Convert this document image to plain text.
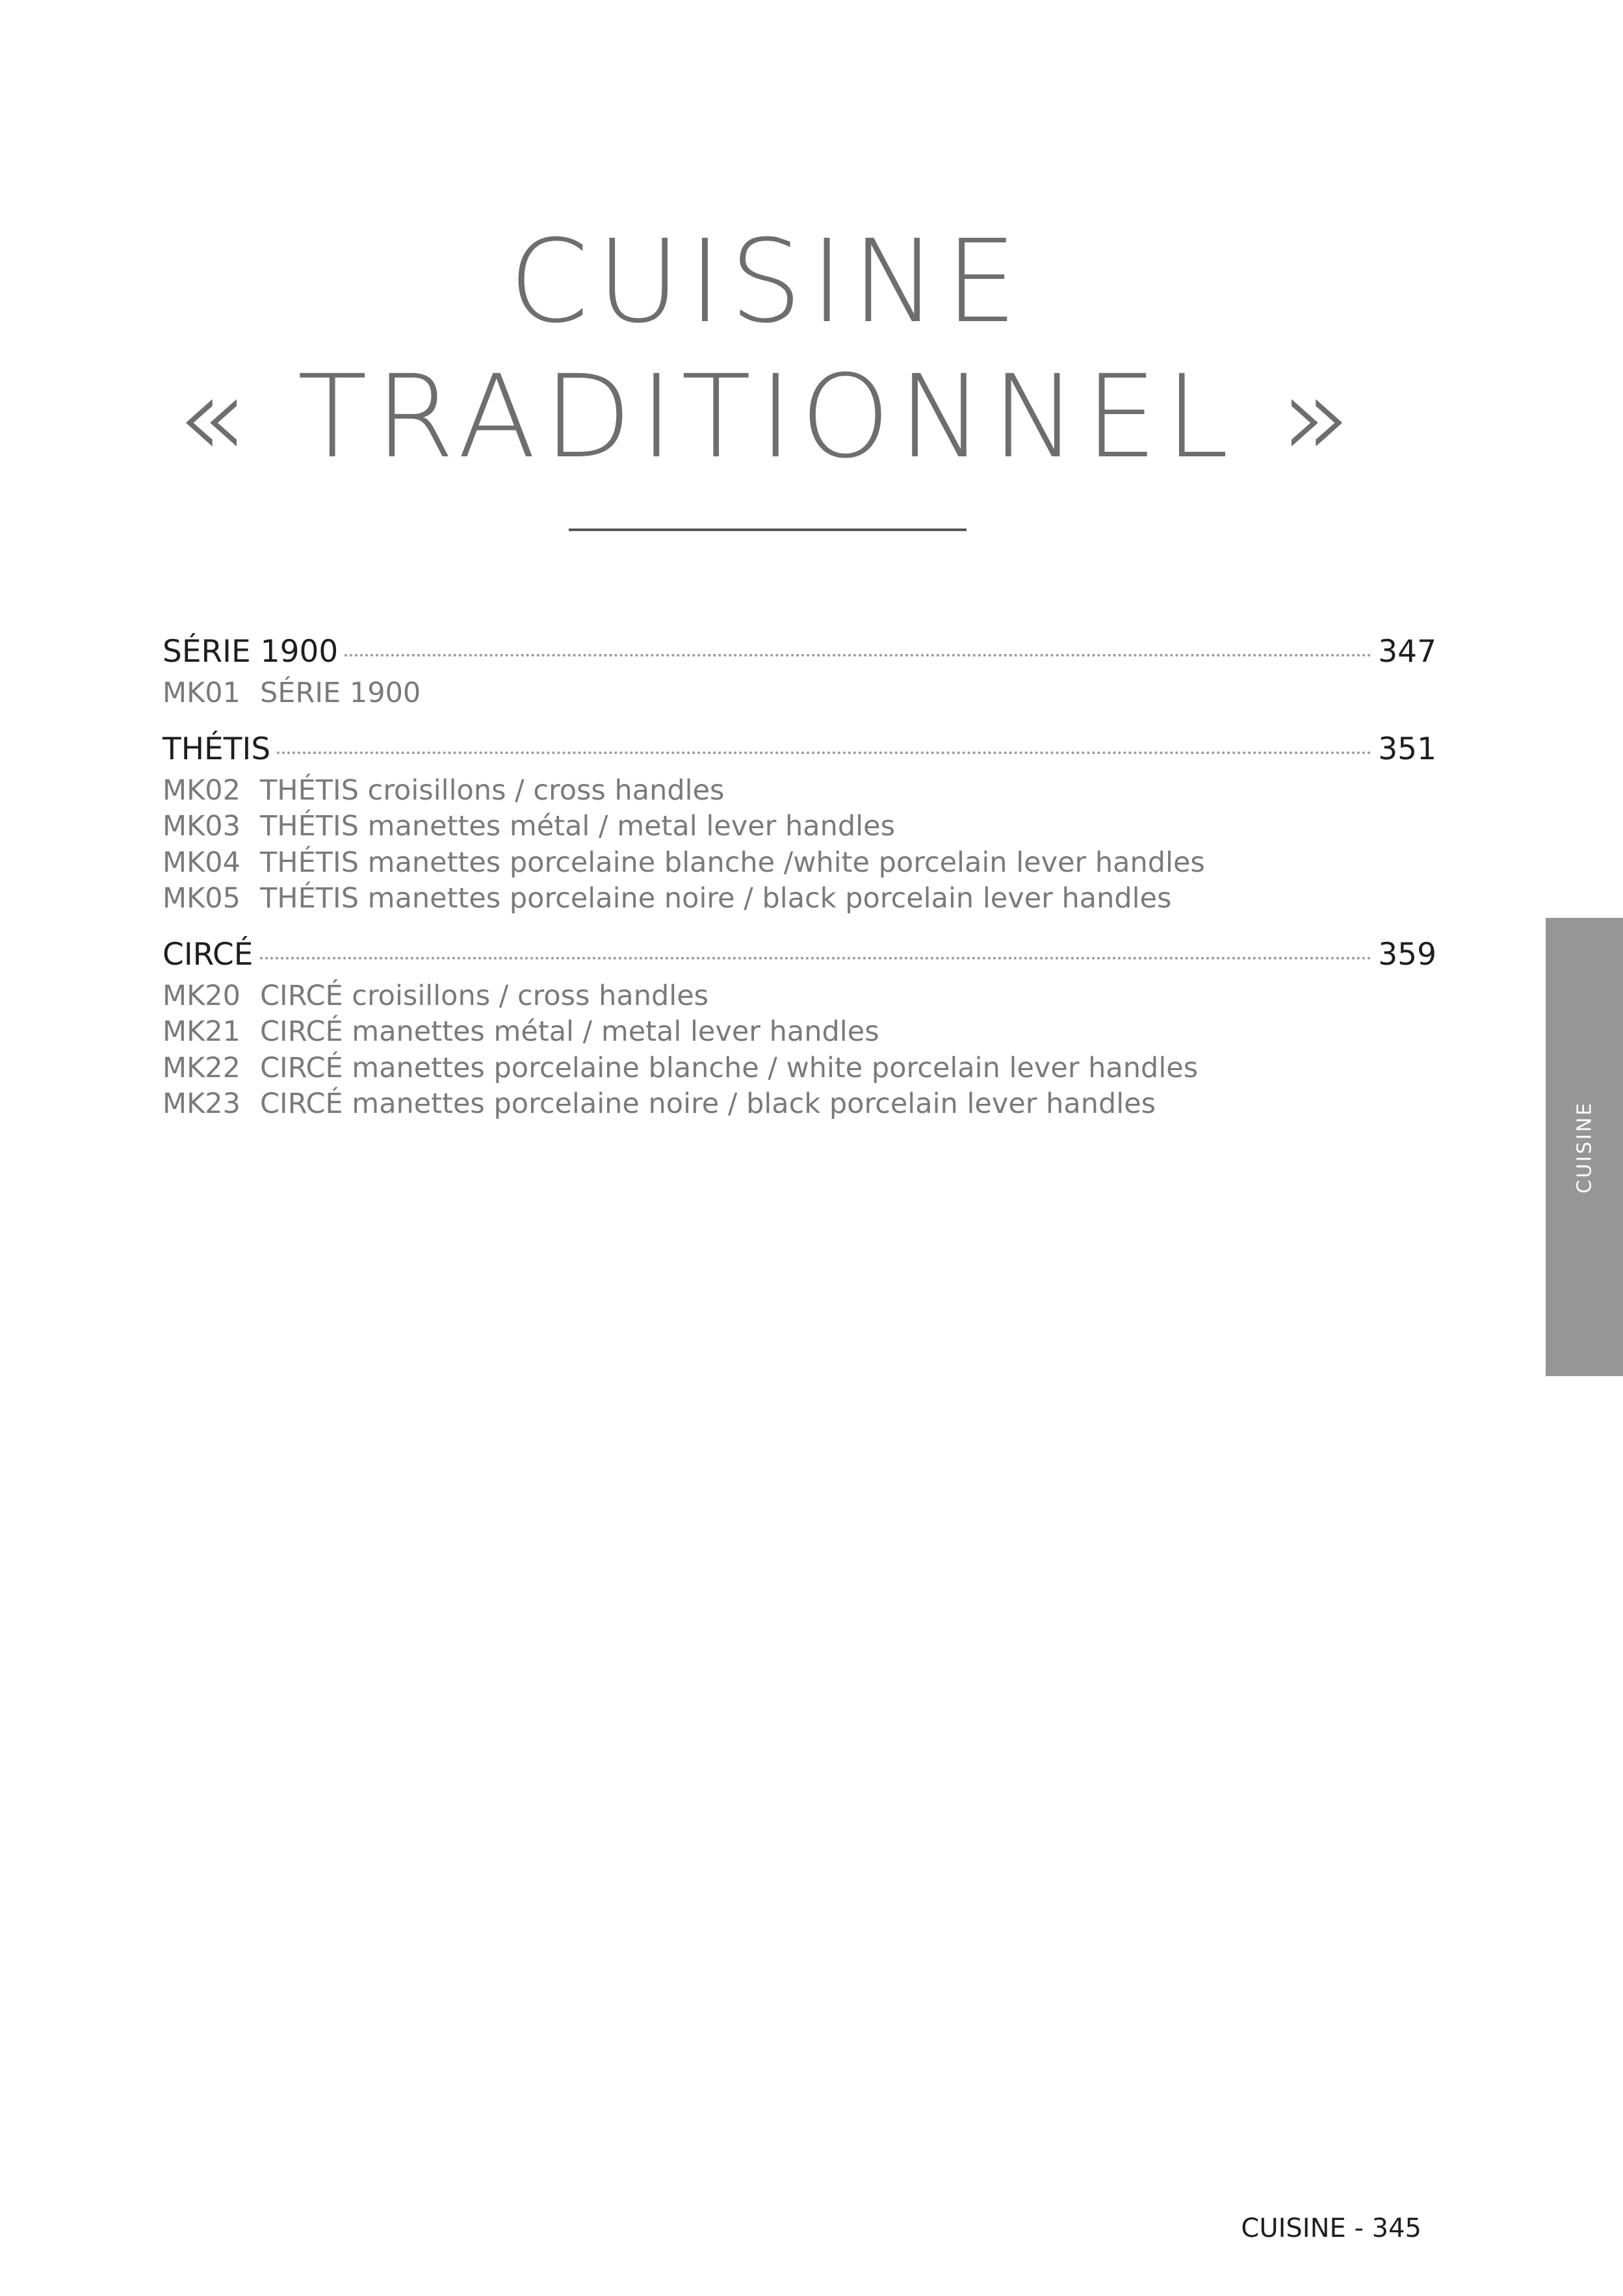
CUISINE
« TRADITIONNEL »
SÉRIE 1900	347
MK01 SÉRIE 1900
THÉTIS	351
MK02 THÉTIS croisillons / cross handles
MK03 THÉTIS manettes métal / metal lever handles
MK04 THÉTIS manettes porcelaine blanche /white porcelain lever handles
MK05 THÉTIS manettes porcelaine noire / black porcelain lever handles
CIRCÉ	359
MK20 CIRCÉ croisillons / cross handles
MK21 CIRCÉ manettes métal / metal lever handles
MK22 CIRCÉ manettes porcelaine blanche / white porcelain lever handles
MK23 CIRCÉ manettes porcelaine noire / black porcelain lever handles	CUISINE
CUISINE - 345
